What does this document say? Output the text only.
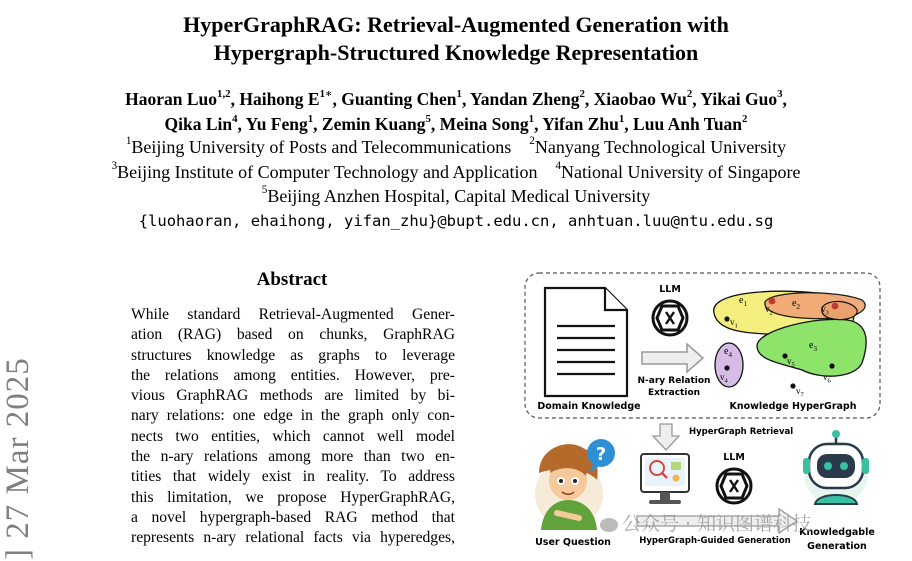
HyperGraphRAG: Retrieval-Augmented Generation with
Hypergraph-Structured Knowledge Representation
Haoran Luo$^{1,2}$, Haihong $E^{1∗}$, Guanting Chen$^1$, Yandan Zheng$^2$, Xiaobao Wu$^2$, Yikai Guo$^3$,
Qika Lin$^4$, Yu Feng$^1$, Zemin Kuang$^5$, Meina Song$^1$, Yifan Zhu$^1$, Luu Anh Tuan$^2$
$^1$Beijing University of Posts and Telecommunications  $^2$Nanyang Technological University
$^3$Beijing Institute of Computer Technology and Application  $^4$National University of Singapore
$^5$Beijing Anzhen Hospital, Capital Medical University
{luohaoran, ehaihong, yifan_zhu}@bupt.edu.cn, anhtuan.luu@ntu.edu.sg
Abstract
While standard Retrieval-Augmented Gener-
ation (RAG) based on chunks, GraphRAG
structures knowledge as graphs to leverage
the relations among entities. However, pre-
vious GraphRAG methods are limited by bi-
nary relations: one edge in the graph only con-
nects two entities, which cannot well model
the n-ary relations among more than two en-
tities that widely exist in reality. To address
this limitation, we propose HyperGraphRAG,
a novel hypergraph-based RAG method that
represents n-ary relational facts via hyperedges,
] 27 Mar 2025	Domain Knowledge
LLM
N-ary Relation
Extraction
$e_1$	$e_2$
$e_3$
$e_4$
$v_1$
$v_2$	$v_3$
$v_4$
$v_5$
$v_6$
$v_7$
Knowledge HyperGraph
HyperGraph Retrieval
?
User Question
LLM
HyperGraph-Guided Generation
Knowledgable
Generation
公众号 · 知识图谱科技
